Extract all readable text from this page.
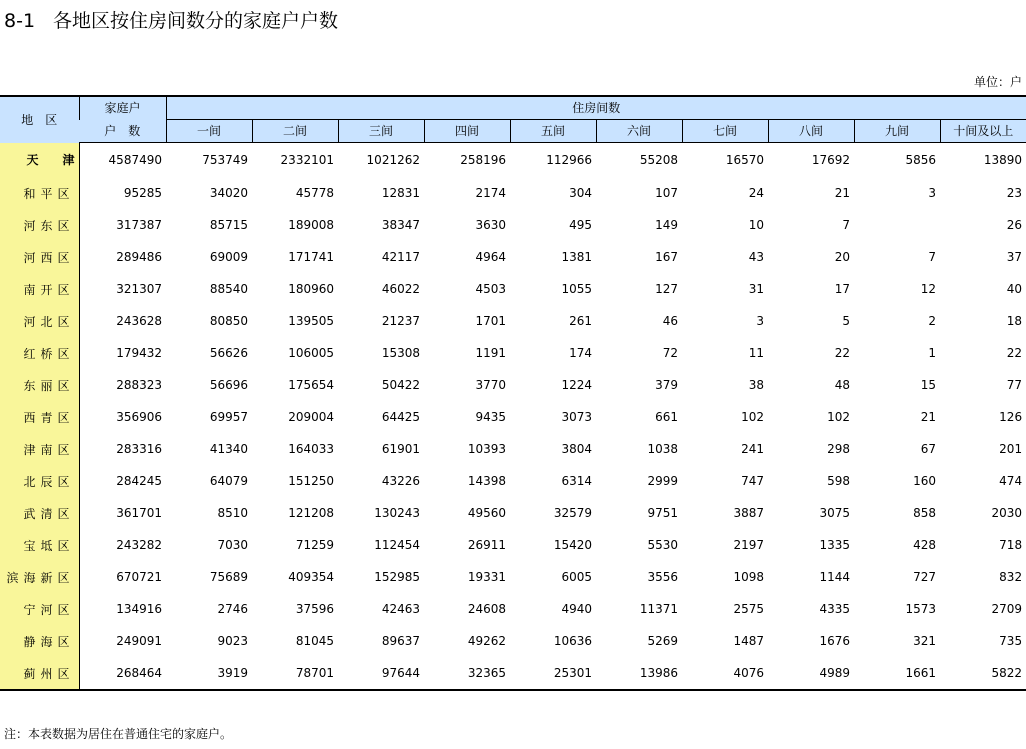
8-1 各地区按住房间数分的家庭户户数
单位：户
地　区	家庭户	住房间数									
	户　数	一间	二间	三间	四间	五间	六间	七间	八间	九间	十间及以上
天　　津	4587490	753749	2332101	1021262	258196	112966	55208	16570	17692	5856	13890
和平区	95285	34020	45778	12831	2174	304	107	24	21	3	23
河东区	317387	85715	189008	38347	3630	495	149	10	7		26
河西区	289486	69009	171741	42117	4964	1381	167	43	20	7	37
南开区	321307	88540	180960	46022	4503	1055	127	31	17	12	40
河北区	243628	80850	139505	21237	1701	261	46	3	5	2	18
红桥区	179432	56626	106005	15308	1191	174	72	11	22	1	22
东丽区	288323	56696	175654	50422	3770	1224	379	38	48	15	77
西青区	356906	69957	209004	64425	9435	3073	661	102	102	21	126
津南区	283316	41340	164033	61901	10393	3804	1038	241	298	67	201
北辰区	284245	64079	151250	43226	14398	6314	2999	747	598	160	474
武清区	361701	8510	121208	130243	49560	32579	9751	3887	3075	858	2030
宝坻区	243282	7030	71259	112454	26911	15420	5530	2197	1335	428	718
滨海新区	670721	75689	409354	152985	19331	6005	3556	1098	1144	727	832
宁河区	134916	2746	37596	42463	24608	4940	11371	2575	4335	1573	2709
静海区	249091	9023	81045	89637	49262	10636	5269	1487	1676	321	735
蓟州区	268464	3919	78701	97644	32365	25301	13986	4076	4989	1661	5822
注：本表数据为居住在普通住宅的家庭户。
